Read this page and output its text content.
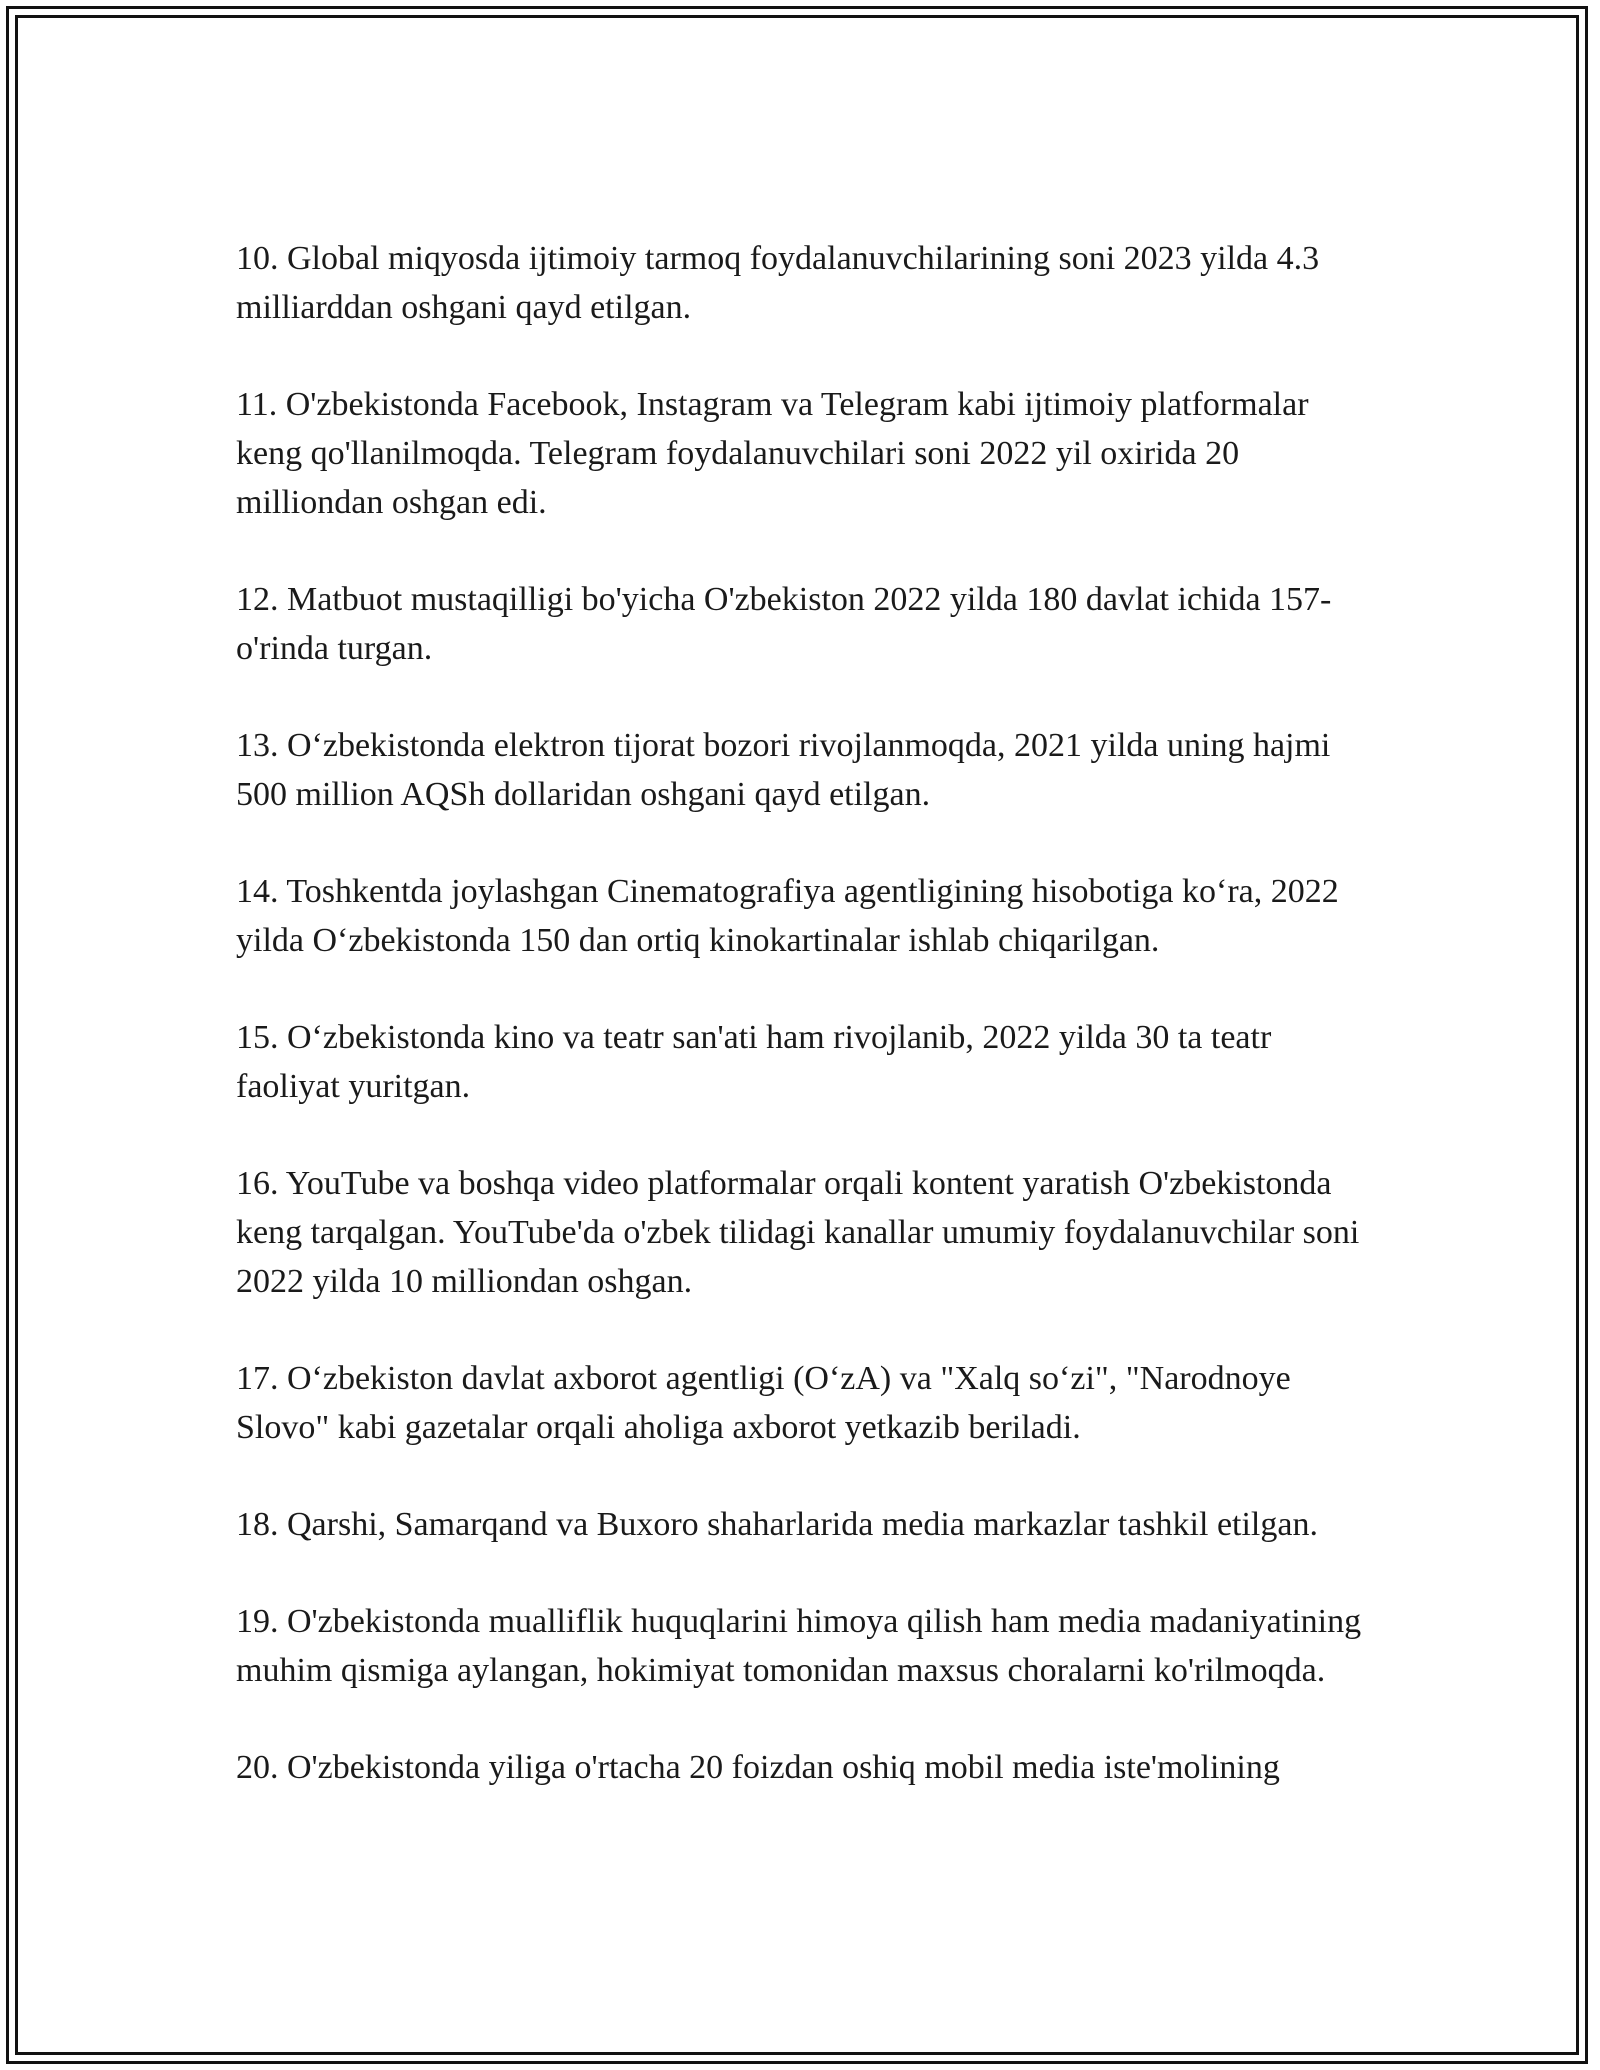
10. Global miqyosda ijtimoiy tarmoq foydalanuvchilarining soni 2023 yilda 4.3 milliarddan oshgani qayd etilgan.

11. O'zbekistonda Facebook, Instagram va Telegram kabi ijtimoiy platformalar keng qo'llanilmoqda. Telegram foydalanuvchilari soni 2022 yil oxirida 20 milliondan oshgan edi.

12. Matbuot mustaqilligi bo'yicha O'zbekiston 2022 yilda 180 davlat ichida 157-o'rinda turgan.

13. O‘zbekistonda elektron tijorat bozori rivojlanmoqda, 2021 yilda uning hajmi 500 million AQSh dollaridan oshgani qayd etilgan.

14. Toshkentda joylashgan Cinematografiya agentligining hisobotiga ko‘ra, 2022 yilda O‘zbekistonda 150 dan ortiq kinokartinalar ishlab chiqarilgan.

15. O‘zbekistonda kino va teatr san'ati ham rivojlanib, 2022 yilda 30 ta teatr faoliyat yuritgan.

16. YouTube va boshqa video platformalar orqali kontent yaratish O'zbekistonda keng tarqalgan. YouTube'da o'zbek tilidagi kanallar umumiy foydalanuvchilar soni 2022 yilda 10 milliondan oshgan.

17. O‘zbekiston davlat axborot agentligi (O‘zA) va "Xalq so‘zi", "Narodnoye Slovo" kabi gazetalar orqali aholiga axborot yetkazib beriladi.

18. Qarshi, Samarqand va Buxoro shaharlarida media markazlar tashkil etilgan.

19. O'zbekistonda mualliflik huquqlarini himoya qilish ham media madaniyatining muhim qismiga aylangan, hokimiyat tomonidan maxsus choralarni ko'rilmoqda.

20. O'zbekistonda yiliga o'rtacha 20 foizdan oshiq mobil media iste'molining
